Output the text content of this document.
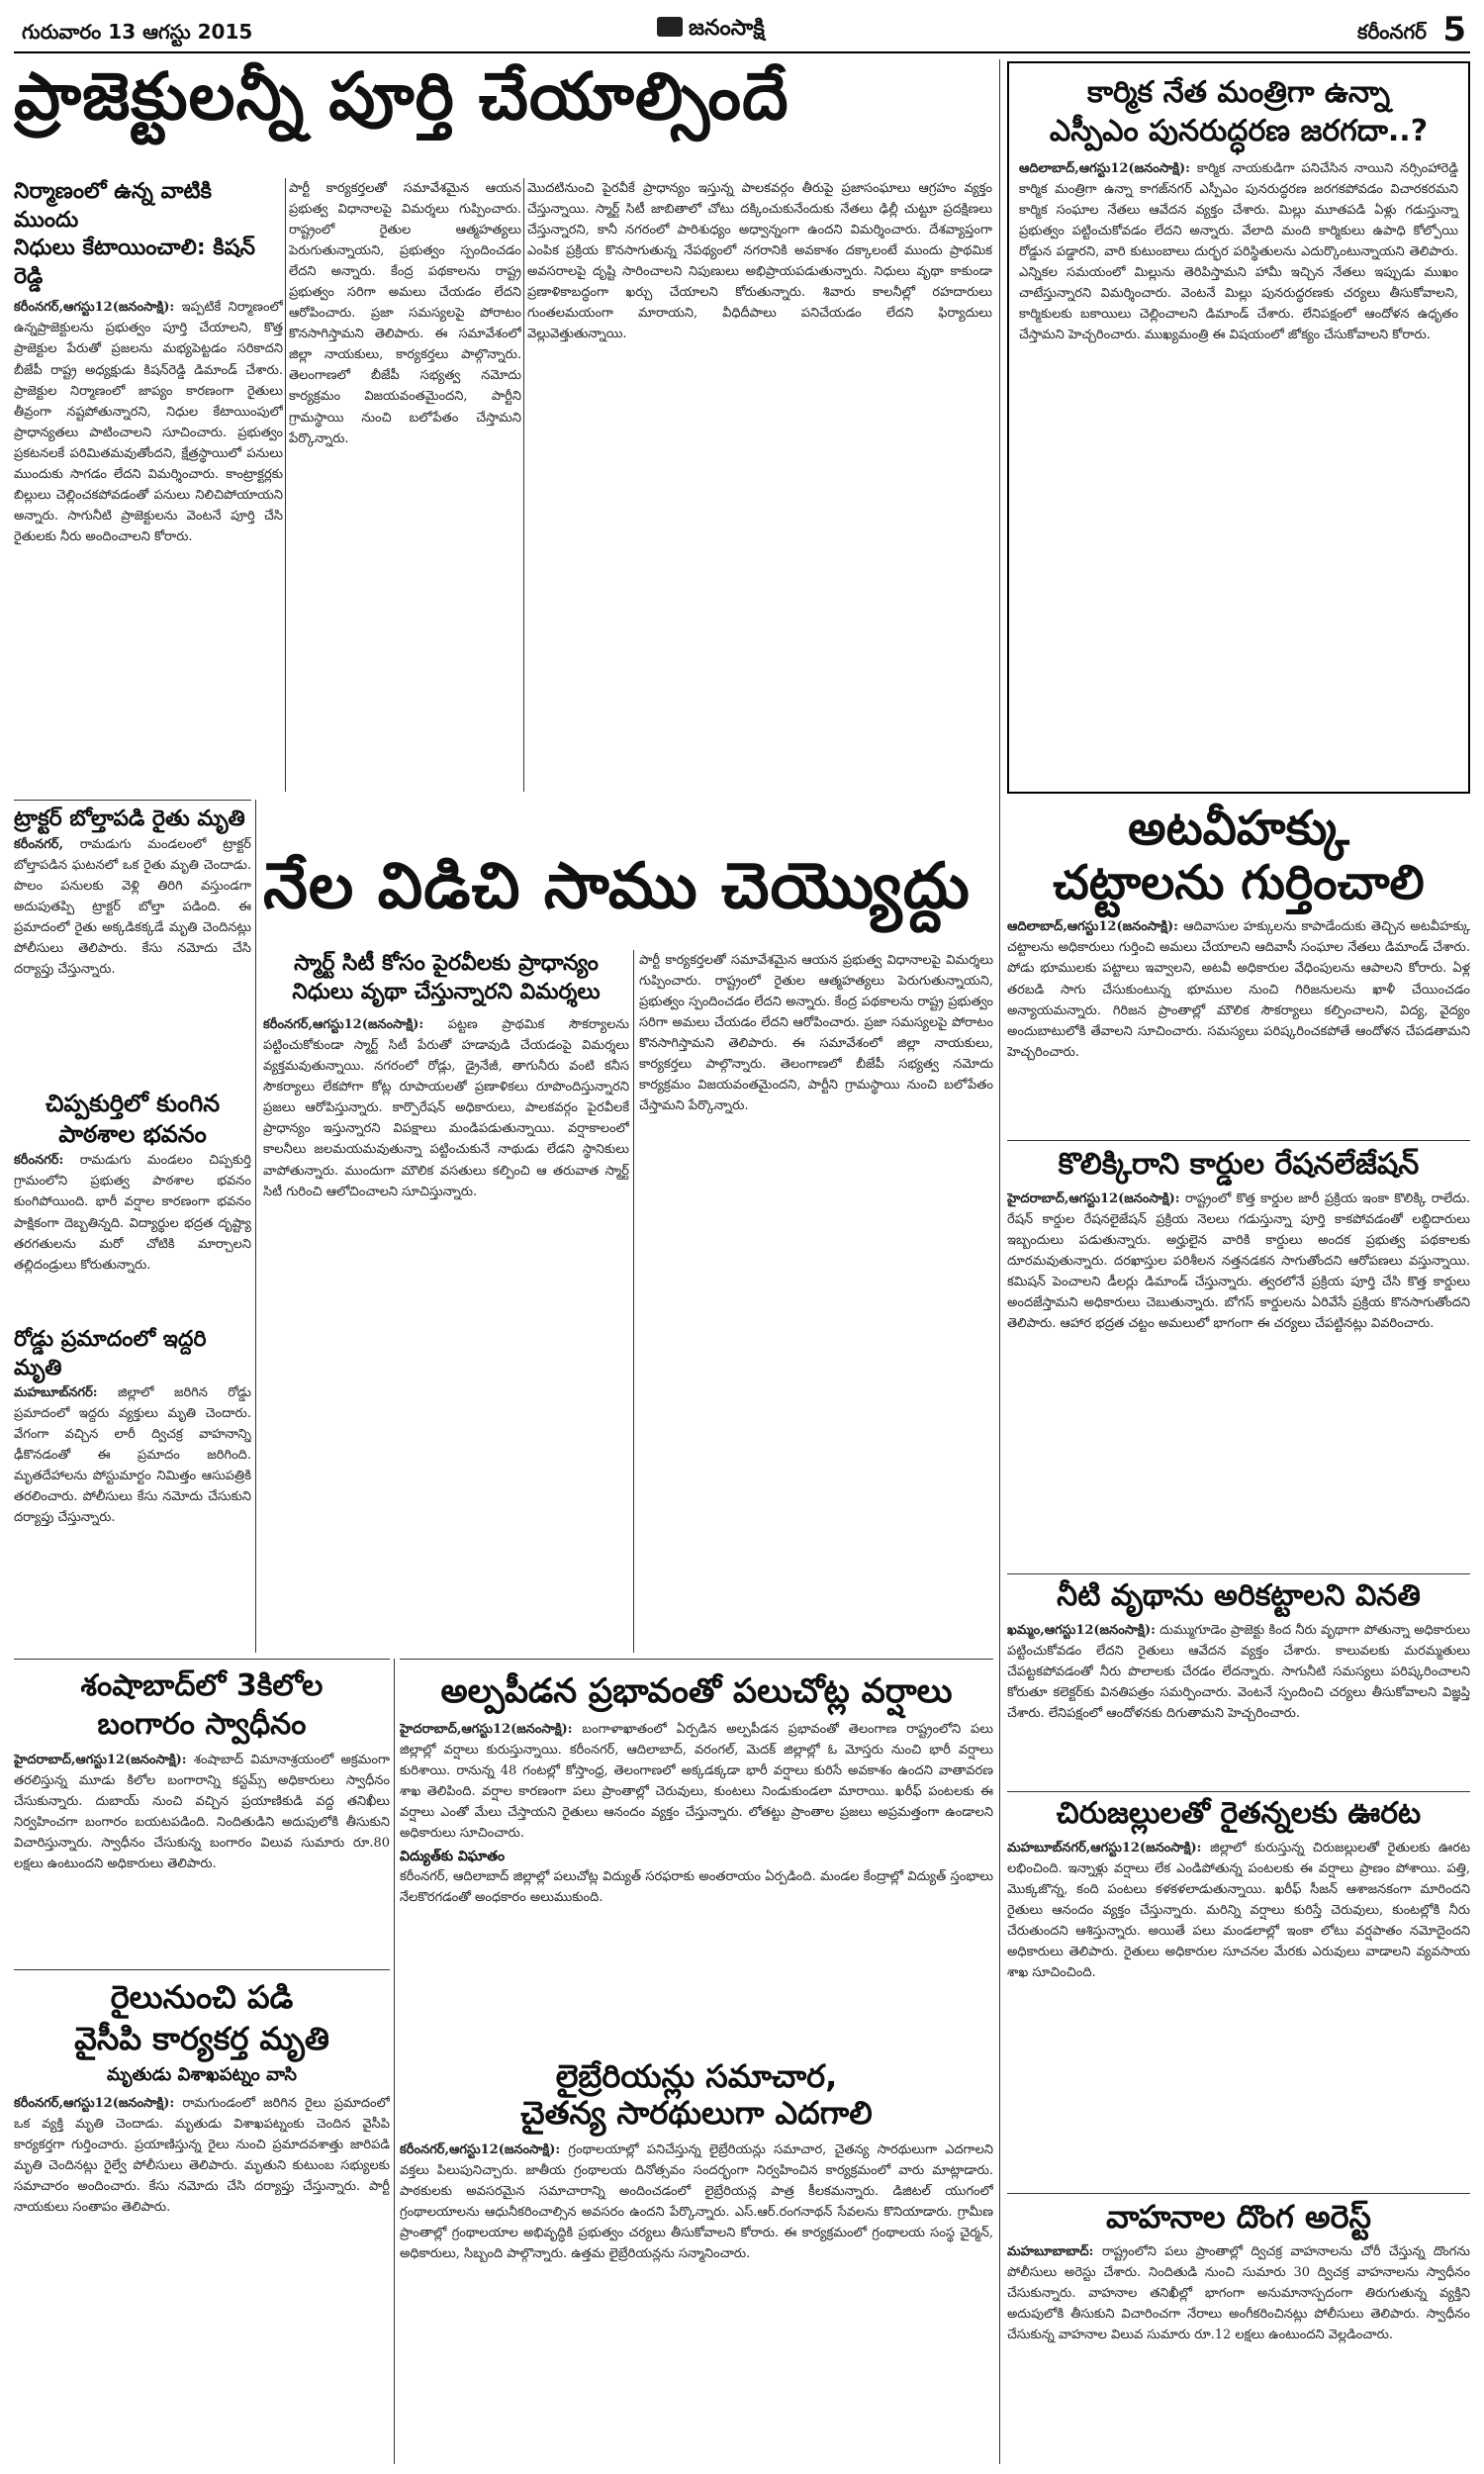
గురువారం 13 ఆగస్టు 2015	జనంసాక్షి	కరీంనగర్ 5
ప్రాజెక్టులన్నీ పూర్తి చేయాల్సిందే
నిర్మాణంలో ఉన్న వాటికి ముందు
నిధులు కేటాయించాలి: కిషన్ రెడ్డి
కరీంనగర్,ఆగస్టు12(జనంసాక్షి): ఇప్పటికే నిర్మాణంలో ఉన్నప్రాజెక్టులను ప్రభుత్వం పూర్తి చేయాలని, కొత్త ప్రాజెక్టుల పేరుతో ప్రజలను మభ్యపెట్టడం సరికాదని బీజేపీ రాష్ట్ర అధ్యక్షుడు కిషన్‌రెడ్డి డిమాండ్‌ చేశారు. ప్రాజెక్టుల నిర్మాణంలో జాప్యం కారణంగా రైతులు తీవ్రంగా నష్టపోతున్నారని, నిధుల కేటాయింపులో ప్రాధాన్యతలు పాటించాలని సూచించారు. ప్రభుత్వం ప్రకటనలకే పరిమితమవుతోందని, క్షేత్రస్థాయిలో పనులు ముందుకు సాగడం లేదని విమర్శించారు. కాంట్రాక్టర్లకు బిల్లులు చెల్లించకపోవడంతో పనులు నిలిచిపోయాయని అన్నారు. సాగునీటి ప్రాజెక్టులను వెంటనే పూర్తి చేసి రైతులకు నీరు అందించాలని కోరారు.
పార్టీ కార్యకర్తలతో సమావేశమైన ఆయన ప్రభుత్వ విధానాలపై విమర్శలు గుప్పించారు. రాష్ట్రంలో రైతుల ఆత్మహత్యలు పెరుగుతున్నాయని, ప్రభుత్వం స్పందించడం లేదని అన్నారు. కేంద్ర పథకాలను రాష్ట్ర ప్రభుత్వం సరిగా అమలు చేయడం లేదని ఆరోపించారు. ప్రజా సమస్యలపై పోరాటం కొనసాగిస్తామని తెలిపారు. ఈ సమావేశంలో జిల్లా నాయకులు, కార్యకర్తలు పాల్గొన్నారు. తెలంగాణలో బీజేపీ సభ్యత్వ నమోదు కార్యక్రమం విజయవంతమైందని, పార్టీని గ్రామస్థాయి నుంచి బలోపేతం చేస్తామని పేర్కొన్నారు.
మొదటినుంచి పైరవీకే ప్రాధాన్యం ఇస్తున్న పాలకవర్గం తీరుపై ప్రజాసంఘాలు ఆగ్రహం వ్యక్తం చేస్తున్నాయి. స్మార్ట్‌ సిటీ జాబితాలో చోటు దక్కించుకునేందుకు నేతలు ఢిల్లీ చుట్టూ ప్రదక్షిణలు చేస్తున్నారని, కానీ నగరంలో పారిశుధ్యం అధ్వాన్నంగా ఉందని విమర్శించారు. దేశవ్యాప్తంగా ఎంపిక ప్రక్రియ కొనసాగుతున్న నేపథ్యంలో నగరానికి అవకాశం దక్కాలంటే ముందు ప్రాథమిక అవసరాలపై దృష్టి సారించాలని నిపుణులు అభిప్రాయపడుతున్నారు. నిధులు వృథా కాకుండా ప్రణాళికాబద్ధంగా ఖర్చు చేయాలని కోరుతున్నారు. శివారు కాలనీల్లో రహదారులు గుంతలమయంగా మారాయని, వీధిదీపాలు పనిచేయడం లేదని ఫిర్యాదులు వెల్లువెత్తుతున్నాయి.
ట్రాక్టర్‌ బోల్తాపడి రైతు మృతి
కరీంనగర్, రామడుగు మండలంలో ట్రాక్టర్‌ బోల్తాపడిన ఘటనలో ఒక రైతు మృతి చెందాడు. పొలం పనులకు వెళ్లి తిరిగి వస్తుండగా అదుపుతప్పి ట్రాక్టర్‌ బోల్తా పడింది. ఈ ప్రమాదంలో రైతు అక్కడికక్కడే మృతి చెందినట్లు పోలీసులు తెలిపారు. కేసు నమోదు చేసి దర్యాప్తు చేస్తున్నారు.
చిప్పకుర్తిలో కుంగిన
పాఠశాల భవనం
కరీంనగర్: రామడుగు మండలం చిప్పకుర్తి గ్రామంలోని ప్రభుత్వ పాఠశాల భవనం కుంగిపోయింది. భారీ వర్షాల కారణంగా భవనం పాక్షికంగా దెబ్బతిన్నది. విద్యార్థుల భద్రత దృష్ట్యా తరగతులను మరో చోటికి మార్చాలని తల్లిదండ్రులు కోరుతున్నారు.
రోడ్డు ప్రమాదంలో ఇద్దరి మృతి
మహబూబ్‌నగర్: జిల్లాలో జరిగిన రోడ్డు ప్రమాదంలో ఇద్దరు వ్యక్తులు మృతి చెందారు. వేగంగా వచ్చిన లారీ ద్విచక్ర వాహనాన్ని ఢీకొనడంతో ఈ ప్రమాదం జరిగింది. మృతదేహాలను పోస్టుమార్టం నిమిత్తం ఆసుపత్రికి తరలించారు. పోలీసులు కేసు నమోదు చేసుకుని దర్యాప్తు చేస్తున్నారు.
నేల విడిచి సాము చెయ్యొద్దు
స్మార్ట్‌ సిటీ కోసం పైరవీలకు ప్రాధాన్యం
నిధులు వృథా చేస్తున్నారని విమర్శలు
కరీంనగర్,ఆగస్టు12(జనంసాక్షి): పట్టణ ప్రాథమిక సౌకర్యాలను పట్టించుకోకుండా స్మార్ట్‌ సిటీ పేరుతో హడావుడి చేయడంపై విమర్శలు వ్యక్తమవుతున్నాయి. నగరంలో రోడ్లు, డ్రైనేజీ, తాగునీరు వంటి కనీస సౌకర్యాలు లేకపోగా కోట్ల రూపాయలతో ప్రణాళికలు రూపొందిస్తున్నారని ప్రజలు ఆరోపిస్తున్నారు. కార్పొరేషన్‌ అధికారులు, పాలకవర్గం పైరవీలకే ప్రాధాన్యం ఇస్తున్నారని విపక్షాలు మండిపడుతున్నాయి. వర్షాకాలంలో కాలనీలు జలమయమవుతున్నా పట్టించుకునే నాథుడు లేడని స్థానికులు వాపోతున్నారు. ముందుగా మౌలిక వసతులు కల్పించి ఆ తరువాత స్మార్ట్‌ సిటీ గురించి ఆలోచించాలని సూచిస్తున్నారు.
పార్టీ కార్యకర్తలతో సమావేశమైన ఆయన ప్రభుత్వ విధానాలపై విమర్శలు గుప్పించారు. రాష్ట్రంలో రైతుల ఆత్మహత్యలు పెరుగుతున్నాయని, ప్రభుత్వం స్పందించడం లేదని అన్నారు. కేంద్ర పథకాలను రాష్ట్ర ప్రభుత్వం సరిగా అమలు చేయడం లేదని ఆరోపించారు. ప్రజా సమస్యలపై పోరాటం కొనసాగిస్తామని తెలిపారు. ఈ సమావేశంలో జిల్లా నాయకులు, కార్యకర్తలు పాల్గొన్నారు. తెలంగాణలో బీజేపీ సభ్యత్వ నమోదు కార్యక్రమం విజయవంతమైందని, పార్టీని గ్రామస్థాయి నుంచి బలోపేతం చేస్తామని పేర్కొన్నారు.
శంషాబాద్‌లో 3కిలోల
బంగారం స్వాధీనం
హైదరాబాద్‌,ఆగస్టు12(జనంసాక్షి): శంషాబాద్‌ విమానాశ్రయంలో అక్రమంగా తరలిస్తున్న మూడు కిలోల బంగారాన్ని కస్టమ్స్‌ అధికారులు స్వాధీనం చేసుకున్నారు. దుబాయ్‌ నుంచి వచ్చిన ప్రయాణికుడి వద్ద తనిఖీలు నిర్వహించగా బంగారం బయటపడింది. నిందితుడిని అదుపులోకి తీసుకుని విచారిస్తున్నారు. స్వాధీనం చేసుకున్న బంగారం విలువ సుమారు రూ.80 లక్షలు ఉంటుందని అధికారులు తెలిపారు.
రైలునుంచి పడి
వైసీపి కార్యకర్త మృతి
మృతుడు విశాఖపట్నం వాసి
కరీంనగర్,ఆగస్టు12(జనంసాక్షి): రామగుండంలో జరిగిన రైలు ప్రమాదంలో ఒక వ్యక్తి మృతి చెందాడు. మృతుడు విశాఖపట్నంకు చెందిన వైసీపి కార్యకర్తగా గుర్తించారు. ప్రయాణిస్తున్న రైలు నుంచి ప్రమాదవశాత్తు జారిపడి మృతి చెందినట్లు రైల్వే పోలీసులు తెలిపారు. మృతుని కుటుంబ సభ్యులకు సమాచారం అందించారు. కేసు నమోదు చేసి దర్యాప్తు చేస్తున్నారు. పార్టీ నాయకులు సంతాపం తెలిపారు.
అల్పపీడన ప్రభావంతో పలుచోట్ల వర్షాలు
హైదరాబాద్‌,ఆగస్టు12(జనంసాక్షి): బంగాళాఖాతంలో ఏర్పడిన అల్పపీడన ప్రభావంతో తెలంగాణ రాష్ట్రంలోని పలు జిల్లాల్లో వర్షాలు కురుస్తున్నాయి. కరీంనగర్‌, ఆదిలాబాద్‌, వరంగల్‌, మెదక్‌ జిల్లాల్లో ఓ మోస్తరు నుంచి భారీ వర్షాలు కురిశాయి. రానున్న 48 గంటల్లో కోస్తాంధ్ర, తెలంగాణలో అక్కడక్కడా భారీ వర్షాలు కురిసే అవకాశం ఉందని వాతావరణ శాఖ తెలిపింది. వర్షాల కారణంగా పలు ప్రాంతాల్లో చెరువులు, కుంటలు నిండుకుండలా మారాయి. ఖరీఫ్‌ పంటలకు ఈ వర్షాలు ఎంతో మేలు చేస్తాయని రైతులు ఆనందం వ్యక్తం చేస్తున్నారు. లోతట్టు ప్రాంతాల ప్రజలు అప్రమత్తంగా ఉండాలని అధికారులు సూచించారు.
విద్యుత్‌కు విఘాతం
కరీంనగర్‌, ఆదిలాబాద్‌ జిల్లాల్లో పలుచోట్ల విద్యుత్‌ సరఫరాకు అంతరాయం ఏర్పడింది. మండల కేంద్రాల్లో విద్యుత్‌ స్తంభాలు నేలకొరగడంతో అంధకారం అలుముకుంది.
లైబ్రేరియన్లు సమాచార,
చైతన్య సారథులుగా ఎదగాలి
కరీంనగర్,ఆగస్టు12(జనంసాక్షి): గ్రంథాలయాల్లో పనిచేస్తున్న లైబ్రేరియన్లు సమాచార, చైతన్య సారథులుగా ఎదగాలని వక్తలు పిలుపునిచ్చారు. జాతీయ గ్రంథాలయ దినోత్సవం సందర్భంగా నిర్వహించిన కార్యక్రమంలో వారు మాట్లాడారు. పాఠకులకు అవసరమైన సమాచారాన్ని అందించడంలో లైబ్రేరియన్ల పాత్ర కీలకమన్నారు. డిజిటల్‌ యుగంలో గ్రంథాలయాలను ఆధునీకరించాల్సిన అవసరం ఉందని పేర్కొన్నారు. ఎస్‌.ఆర్‌.రంగనాథన్‌ సేవలను కొనియాడారు. గ్రామీణ ప్రాంతాల్లో గ్రంథాలయాల అభివృద్ధికి ప్రభుత్వం చర్యలు తీసుకోవాలని కోరారు. ఈ కార్యక్రమంలో గ్రంథాలయ సంస్థ చైర్మన్‌, అధికారులు, సిబ్బంది పాల్గొన్నారు. ఉత్తమ లైబ్రేరియన్లను సన్మానించారు.
కార్మిక నేత మంత్రిగా ఉన్నా
ఎస్పీఎం పునరుద్ధరణ జరగదా..?
ఆదిలాబాద్‌,ఆగస్టు12(జనంసాక్షి): కార్మిక నాయకుడిగా పనిచేసిన నాయిని నర్సింహారెడ్డి కార్మిక మంత్రిగా ఉన్నా కాగజ్‌నగర్‌ ఎస్పీఎం పునరుద్ధరణ జరగకపోవడం విచారకరమని కార్మిక సంఘాల నేతలు ఆవేదన వ్యక్తం చేశారు. మిల్లు మూతపడి ఏళ్లు గడుస్తున్నా ప్రభుత్వం పట్టించుకోవడం లేదని అన్నారు. వేలాది మంది కార్మికులు ఉపాధి కోల్పోయి రోడ్డున పడ్డారని, వారి కుటుంబాలు దుర్భర పరిస్థితులను ఎదుర్కొంటున్నాయని తెలిపారు. ఎన్నికల సమయంలో మిల్లును తెరిపిస్తామని హామీ ఇచ్చిన నేతలు ఇప్పుడు ముఖం చాటేస్తున్నారని విమర్శించారు. వెంటనే మిల్లు పునరుద్ధరణకు చర్యలు తీసుకోవాలని, కార్మికులకు బకాయిలు చెల్లించాలని డిమాండ్‌ చేశారు. లేనిపక్షంలో ఆందోళన ఉధృతం చేస్తామని హెచ్చరించారు. ముఖ్యమంత్రి ఈ విషయంలో జోక్యం చేసుకోవాలని కోరారు.
అటవీహక్కు
చట్టాలను గుర్తించాలి
ఆదిలాబాద్‌,ఆగస్టు12(జనంసాక్షి): ఆదివాసుల హక్కులను కాపాడేందుకు తెచ్చిన అటవీహక్కు చట్టాలను అధికారులు గుర్తించి అమలు చేయాలని ఆదివాసీ సంఘాల నేతలు డిమాండ్‌ చేశారు. పోడు భూములకు పట్టాలు ఇవ్వాలని, అటవీ అధికారుల వేధింపులను ఆపాలని కోరారు. ఏళ్ల తరబడి సాగు చేసుకుంటున్న భూముల నుంచి గిరిజనులను ఖాళీ చేయించడం అన్యాయమన్నారు. గిరిజన ప్రాంతాల్లో మౌలిక సౌకర్యాలు కల్పించాలని, విద్య, వైద్యం అందుబాటులోకి తేవాలని సూచించారు. సమస్యలు పరిష్కరించకపోతే ఆందోళన చేపడతామని హెచ్చరించారు.
కొలిక్కిరాని కార్డుల రేషనలేజేషన్‌
హైదరాబాద్‌,ఆగస్టు12(జనంసాక్షి): రాష్ట్రంలో కొత్త కార్డుల జారీ ప్రక్రియ ఇంకా కొలిక్కి రాలేదు. రేషన్‌ కార్డుల రేషనలైజేషన్‌ ప్రక్రియ నెలలు గడుస్తున్నా పూర్తి కాకపోవడంతో లబ్ధిదారులు ఇబ్బందులు పడుతున్నారు. అర్హులైన వారికి కార్డులు అందక ప్రభుత్వ పథకాలకు దూరమవుతున్నారు. దరఖాస్తుల పరిశీలన నత్తనడకన సాగుతోందని ఆరోపణలు వస్తున్నాయి. కమిషన్‌ పెంచాలని డీలర్లు డిమాండ్‌ చేస్తున్నారు. త్వరలోనే ప్రక్రియ పూర్తి చేసి కొత్త కార్డులు అందజేస్తామని అధికారులు చెబుతున్నారు. బోగస్‌ కార్డులను ఏరివేసే ప్రక్రియ కొనసాగుతోందని తెలిపారు. ఆహార భద్రత చట్టం అమలులో భాగంగా ఈ చర్యలు చేపట్టినట్లు వివరించారు.
నీటి వృథాను అరికట్టాలని వినతి
ఖమ్మం,ఆగస్టు12(జనంసాక్షి): దుమ్ముగూడెం ప్రాజెక్టు కింద నీరు వృథాగా పోతున్నా అధికారులు పట్టించుకోవడం లేదని రైతులు ఆవేదన వ్యక్తం చేశారు. కాలువలకు మరమ్మతులు చేపట్టకపోవడంతో నీరు పొలాలకు చేరడం లేదన్నారు. సాగునీటి సమస్యలు పరిష్కరించాలని కోరుతూ కలెక్టర్‌కు వినతిపత్రం సమర్పించారు. వెంటనే స్పందించి చర్యలు తీసుకోవాలని విజ్ఞప్తి చేశారు. లేనిపక్షంలో ఆందోళనకు దిగుతామని హెచ్చరించారు.
చిరుజల్లులతో రైతన్నలకు ఊరట
మహబూబ్‌నగర్,ఆగస్టు12(జనంసాక్షి): జిల్లాలో కురుస్తున్న చిరుజల్లులతో రైతులకు ఊరట లభించింది. ఇన్నాళ్లు వర్షాలు లేక ఎండిపోతున్న పంటలకు ఈ వర్షాలు ప్రాణం పోశాయి. పత్తి, మొక్కజొన్న, కంది పంటలు కళకళలాడుతున్నాయి. ఖరీఫ్‌ సీజన్‌ ఆశాజనకంగా మారిందని రైతులు ఆనందం వ్యక్తం చేస్తున్నారు. మరిన్ని వర్షాలు కురిస్తే చెరువులు, కుంటల్లోకి నీరు చేరుతుందని ఆశిస్తున్నారు. అయితే పలు మండలాల్లో ఇంకా లోటు వర్షపాతం నమోదైందని అధికారులు తెలిపారు. రైతులు అధికారుల సూచనల మేరకు ఎరువులు వాడాలని వ్యవసాయ శాఖ సూచించింది.
వాహనాల దొంగ అరెస్ట్‌
మహబూబాబాద్‌: రాష్ట్రంలోని పలు ప్రాంతాల్లో ద్విచక్ర వాహనాలను చోరీ చేస్తున్న దొంగను పోలీసులు అరెస్టు చేశారు. నిందితుడి నుంచి సుమారు 30 ద్విచక్ర వాహనాలను స్వాధీనం చేసుకున్నారు. వాహనాల తనిఖీల్లో భాగంగా అనుమానాస్పదంగా తిరుగుతున్న వ్యక్తిని అదుపులోకి తీసుకుని విచారించగా నేరాలు అంగీకరించినట్లు పోలీసులు తెలిపారు. స్వాధీనం చేసుకున్న వాహనాల విలువ సుమారు రూ.12 లక్షలు ఉంటుందని వెల్లడించారు.
